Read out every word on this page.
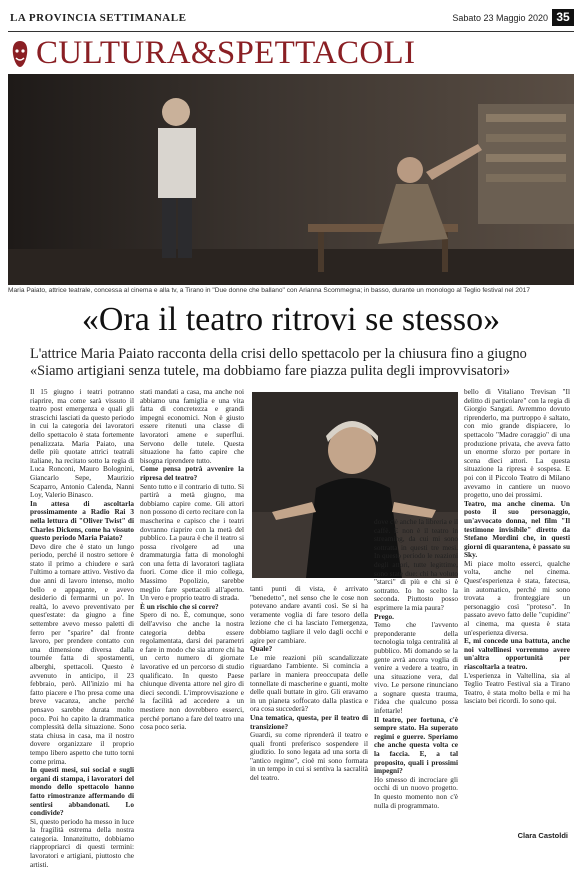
LA PROVINCIA SETTIMANALE	Sabato 23 Maggio 2020 35
CULTURA&SPETTACOLI
Maria Paiato, attrice teatrale, concessa al cinema e alla tv, a Tirano in "Due donne che ballano" con Arianna Scommegna; in basso, durante un monologo al Teglio festival nel 2017
«Ora il teatro ritrovi se stesso»
L'attrice Maria Paiato racconta della crisi dello spettacolo per la chiusura fino a giugno
«Siamo artigiani senza tutele, ma dobbiamo fare piazza pulita degli improvvisatori»

Il 15 giugno i teatri potranno riaprire, ma come sarà vissuto il teatro post emergenza e quali gli strascichi lasciati da questo periodo in cui la categoria dei lavoratori dello spettacolo è stata fortemente penalizzata. Maria Paiato, una delle più quotate attrici teatrali italiane, ha recitato sotto la regia di Luca Ronconi, Mauro Bolognini, Giancarlo Sepe, Maurizio Scaparro, Antonio Calenda, Nanni Loy, Valerio Binasco.

In attesa di ascoltarla prossimamente a Radio Rai 3 nella lettura di "Oliver Twist" di Charles Dickens, come ha vissuto questo periodo Maria Paiato?

Devo dire che è stato un lungo periodo, perché il nostro settore è stato il primo a chiudere e sarà l'ultimo a tornare attivo. Vestivo da due anni di lavoro intenso, molto bello e appagante, e avevo desiderio di fermarmi un po'. In realtà, lo avevo preventivato per quest'estate: da giugno a fine settembre avevo messo paletti di ferro per "sparire" dal fronte lavoro, per prendere contatto con una dimensione diversa dalla tournée fatta di spostamenti, alberghi, spettacoli. Questo è avvenuto in anticipo, il 23 febbraio, però. All'inizio mi ha fatto piacere e l'ho presa come una breve vacanza, anche perché pensavo sarebbe durata molto poco. Poi ho capito la drammatica complessità della situazione. Sono stata chiusa in casa, ma il nostro dovere organizzare il proprio tempo libero aspetto che tutto torni come prima.

In questi mesi, sui social e sugli organi di stampa, i lavoratori del mondo dello spettacolo hanno fatto rimostranze affermando di sentirsi abbandonati. Lo condivide?

Sì, questo periodo ha messo in luce la fragilità estrema della nostra categoria. Innanzitutto, dobbiamo riappropriarci di questi termini: lavoratori e artigiani, piuttosto che artisti.

stati mandati a casa, ma anche noi abbiamo una famiglia e una vita fatta di concretezza e grandi impegni economici. Non è giusto essere ritenuti una classe di lavoratori amene e superflui. Servono delle tutele. Questa situazione ha fatto capire che bisogna riprendere tutto.

Come pensa potrà avvenire la ripresa del teatro?

Sento tutto e il contrario di tutto. Si partirà a metà giugno, ma dobbiamo capire come. Gli attori non possono di certo recitare con la mascherina e capisco che i teatri dovranno riaprire con la metà del pubblico. La paura è che il teatro si possa rivolgere ad una drammaturgia fatta di monologhi con una fetta di lavoratori tagliata fuori. Come dice il mio collega, Massimo Popolizio, sarebbe meglio fare spettacoli all'aperto. Un vero e proprio teatro di strada.

È un rischio che si corre?

Spero di no. È, comunque, sono dell'avviso che anche la nostra categoria debba essere regolamentata, darsi dei parametri e fare in modo che sia attore chi ha un certo numero di giornate lavorative ed un percorso di studio qualificato. In questo Paese chiunque diventa attore nel giro di dieci secondi. L'improvvisazione e la facilità ad accedere a un mestiere non dovrebbero esserci, perché portano a fare del teatro una cosa poco seria.

tanti punti di vista, è arrivato "benedetto", nel senso che le cose non potevano andare avanti così. Se si ha veramente voglia di fare tesoro della lezione che ci ha lasciato l'emergenza, dobbiamo tagliare il velo dagli occhi e agire per cambiare.

Quale?

Le mie reazioni più scandalizzate riguardano l'ambiente. Si comincia a parlare in maniera preoccupata delle tonnellate di mascherine e guanti, molte delle quali buttate in giro. Gli eravamo in un pianeta soffocato dalla plastica e ora cosa succederà?

Una tematica, questa, per il teatro di transizione?

Guardi, su come riprenderà il teatro e quali fronti preferisco sospendere il giudizio. Io sono legata ad una sorta di "antico regime", cioè mi sono formata in un tempo in cui si sentiva la sacralità del teatro.

dove c'è anche la libreria e il caffè. E non è il teatro in streaming, da cui mi sono sottratta in questi tre mesi. In questo periodo le reazioni degli attori, tutte legittime, sono state due: chi ha voluto "starci" di più e chi si è sottratto. Io ho scelto la seconda. Piuttosto posso esprimere la mia paura?

Prego.

Temo che l'avvento preponderante della tecnologia tolga centralità al pubblico. Mi domando se la gente avrà ancora voglia di venire a vedere a teatro, in una situazione vera, dal vivo. Le persone rinunciano a sognare questa trauma, l'idea che qualcuno possa infettarle!

Il teatro, per fortuna, c'è sempre stato. Ha superato regimi e guerre. Speriamo che anche questa volta ce la faccia. E, a tal proposito, quali i prossimi impegni?

Ho smesso di incrociare gli occhi di un nuovo progetto. In questo momento non c'è nulla di programmato.

bello di Vitaliano Trevisan "Il delitto di particolare" con la regia di Giorgio Sangati. Avremmo dovuto riprenderlo, ma purtroppo è saltato, con mio grande dispiacere, lo spettacolo "Madre coraggio" di una produzione privata, che aveva fatto un enorme sforzo per portare in scena dieci attori. La questa situazione la ripresa è sospesa. E poi con il Piccolo Teatro di Milano avevamo in cantiere un nuovo progetto, uno dei prossimi.

Teatro, ma anche cinema. Un posto il suo personaggio, un'avvocato donna, nel film "Il testimone invisibile" diretto da Stefano Mordini che, in questi giorni di quarantena, è passato su Sky.

Mi piace molto esserci, qualche volta, anche nel cinema. Quest'esperienza è stata, fatecusa, in automatico, perché mi sono trovata a fronteggiare un personaggio così "proteso". In passato avevo fatto delle "cupidine" al cinema, ma questa è stata un'esperienza diversa.

E, mi concede una battuta, anche noi valtellinesi vorremmo avere un'altra opportunità per riascoltarla a teatro.

L'esperienza in Valtellina, sia al Teglio Teatro Festival sia a Tirano Teatro, è stata molto bella e mi ha lasciato bei ricordi. Io sono qui.

Clara Castoldi
